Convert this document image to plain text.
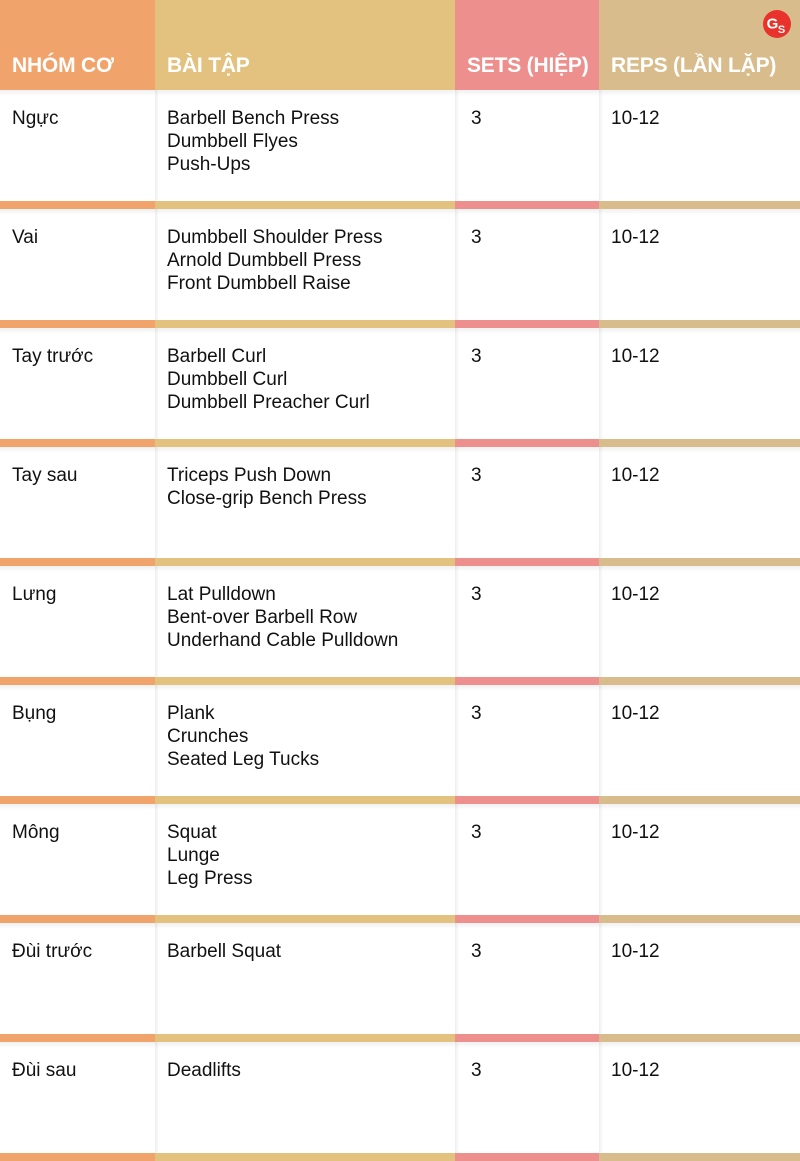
NHÓM CƠ	BÀI TẬP	SETS (HIỆP)	REPS (LẦN LẶP)
G S
Ngực	Barbell Bench Press
Dumbbell Flyes
Push-Ups
3	10-12
Vai	Dumbbell Shoulder Press
Arnold Dumbbell Press
Front Dumbbell Raise
3	10-12
Tay trước	Barbell Curl
Dumbbell Curl
Dumbbell Preacher Curl
3	10-12
Tay sau	Triceps Push Down
Close-grip Bench Press
3	10-12
Lưng	Lat Pulldown
Bent-over Barbell Row
Underhand Cable Pulldown
3	10-12
Bụng	Plank
Crunches
Seated Leg Tucks
3	10-12
Mông	Squat
Lunge
Leg Press
3	10-12
Đùi trước	Barbell Squat	3	10-12
Đùi sau	Deadlifts	3	10-12
